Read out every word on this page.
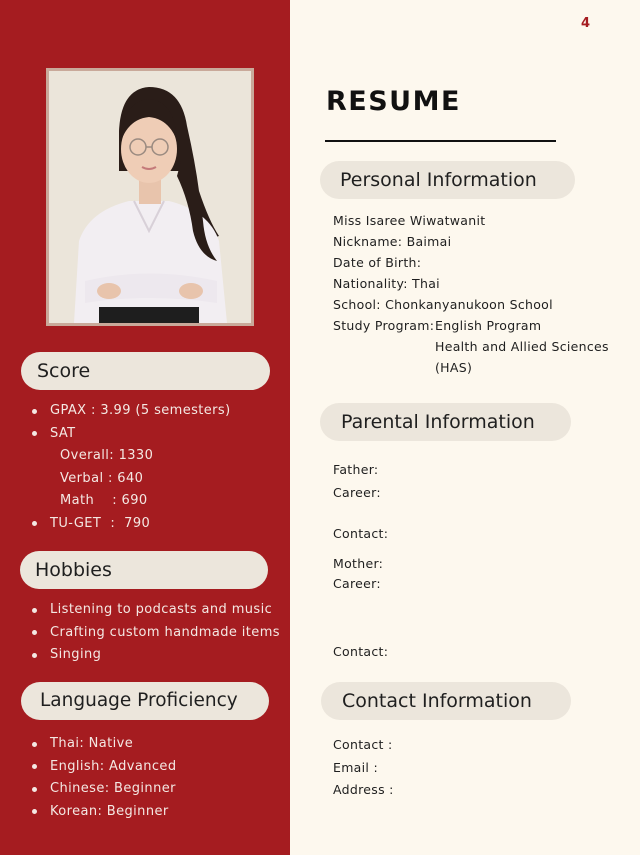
Score
GPAX : 3.99 (5 semesters)
SAT
Overall: 1330
Verbal : 640
Math    : 690
TU-GET  :  790
Hobbies
Listening to podcasts and music
Crafting custom handmade items
Singing
Language Proficiency
Thai: Native
English: Advanced
Chinese: Beginner
Korean: Beginner
4
RESUME
Personal Information
Miss Isaree Wiwatwanit
Nickname: Baimai
Date of Birth:
Nationality: Thai
School: Chonkanyanukoon School
Study Program: English Program
Health and Allied Sciences
(HAS)
Parental Information
Father:
Career:
Contact:
Mother:
Career:
Contact:
Contact Information
Contact :
Email :
Address :
